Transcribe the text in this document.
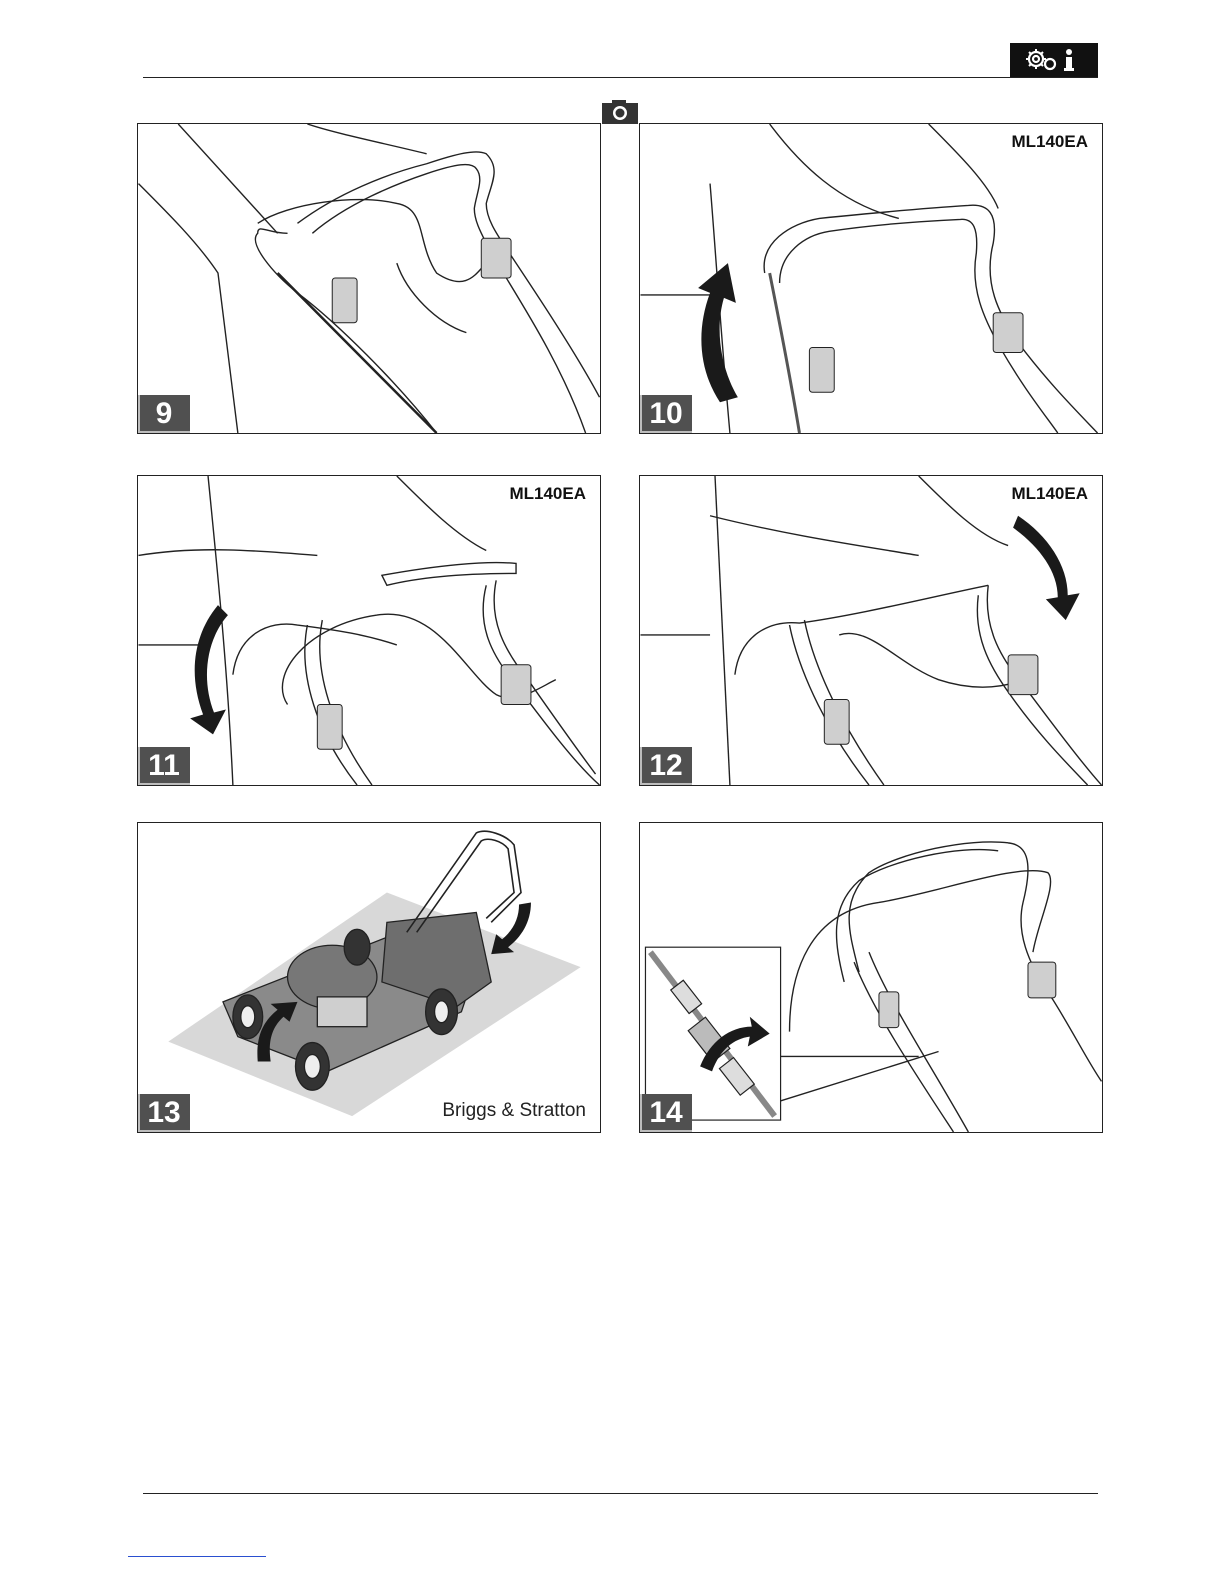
9
ML140EA
10
ML140EA
11
ML140EA
12
Briggs & Stratton
13	14
